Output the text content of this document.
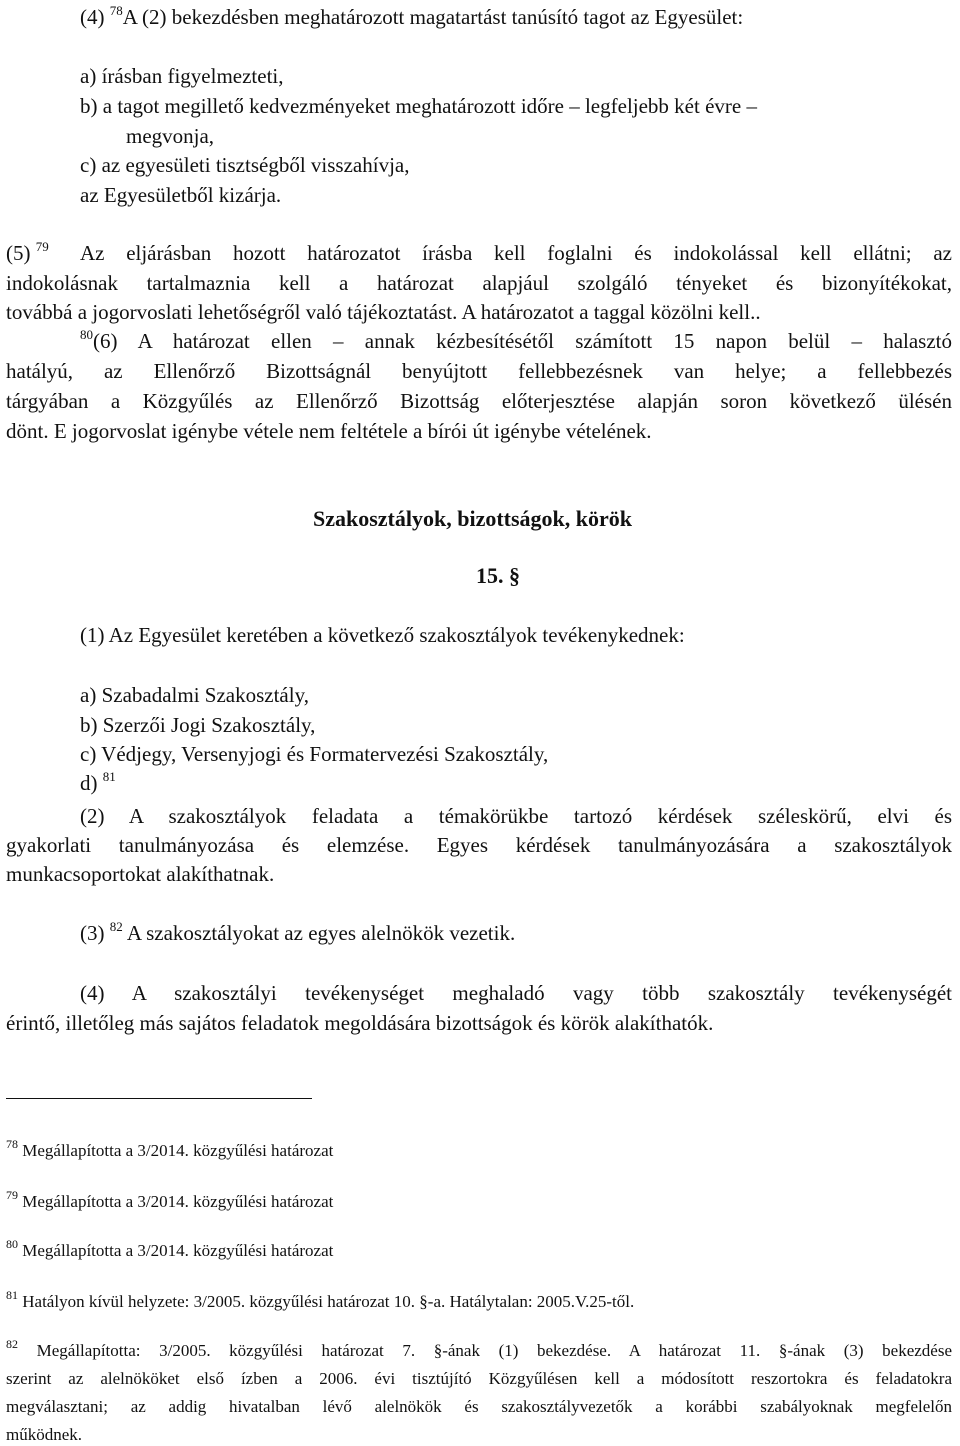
(4) $^{78}$A (2) bekezdésben meghatározott magatartást tanúsító tagot az Egyesület:
a) írásban figyelmezteti,
b) a tagot megillető kedvezményeket meghatározott időre – legfeljebb két évre –
megvonja,
c) az egyesületi tisztségből visszahívja,
az Egyesületből kizárja.
(5) $^{79}$ Az eljárásban hozott határozatot írásba kell foglalni és indokolással kell ellátni; az
indokolásnak tartalmaznia kell a határozat alapjául szolgáló tényeket és bizonyítékokat,
továbbá a jogorvoslati lehetőségről való tájékoztatást. A határozatot a taggal közölni kell..
$^{80}$(6) A határozat ellen – annak kézbesítésétől számított 15 napon belül – halasztó
hatályú, az Ellenőrző Bizottságnál benyújtott fellebbezésnek van helye; a fellebbezés
tárgyában a Közgyűlés az Ellenőrző Bizottság előterjesztése alapján soron következő ülésén
dönt. E jogorvoslat igénybe vétele nem feltétele a bírói út igénybe vételének.
Szakosztályok, bizottságok, körök
15. §
(1) Az Egyesület keretében a következő szakosztályok tevékenykednek:
a) Szabadalmi Szakosztály,
b) Szerzői Jogi Szakosztály,
c) Védjegy, Versenyjogi és Formatervezési Szakosztály,
d) $^{81}$
(2) A szakosztályok feladata a témakörükbe tartozó kérdések széleskörű, elvi és
gyakorlati tanulmányozása és elemzése. Egyes kérdések tanulmányozására a szakosztályok
munkacsoportokat alakíthatnak.
(3) $^{82}$ A szakosztályokat az egyes alelnökök vezetik.
(4) A szakosztályi tevékenységet meghaladó vagy több szakosztály tevékenységét
érintő, illetőleg más sajátos feladatok megoldására bizottságok és körök alakíthatók.
$^{78}$ Megállapította a 3/2014. közgyűlési határozat
$^{79}$ Megállapította a 3/2014. közgyűlési határozat
$^{80}$ Megállapította a 3/2014. közgyűlési határozat
$^{81}$ Hatályon kívül helyzete: 3/2005. közgyűlési határozat 10. §-a. Hatálytalan: 2005.V.25-től.
$^{82}$ Megállapította: 3/2005. közgyűlési határozat 7. §-ának (1) bekezdése. A határozat 11. §-ának (3) bekezdése
szerint az alelnököket első ízben a 2006. évi tisztújító Közgyűlésen kell a módosított reszortokra és feladatokra
megválasztani; az addig hivatalban lévő alelnökök és szakosztályvezetők a korábbi szabályoknak megfelelőn
működnek.
